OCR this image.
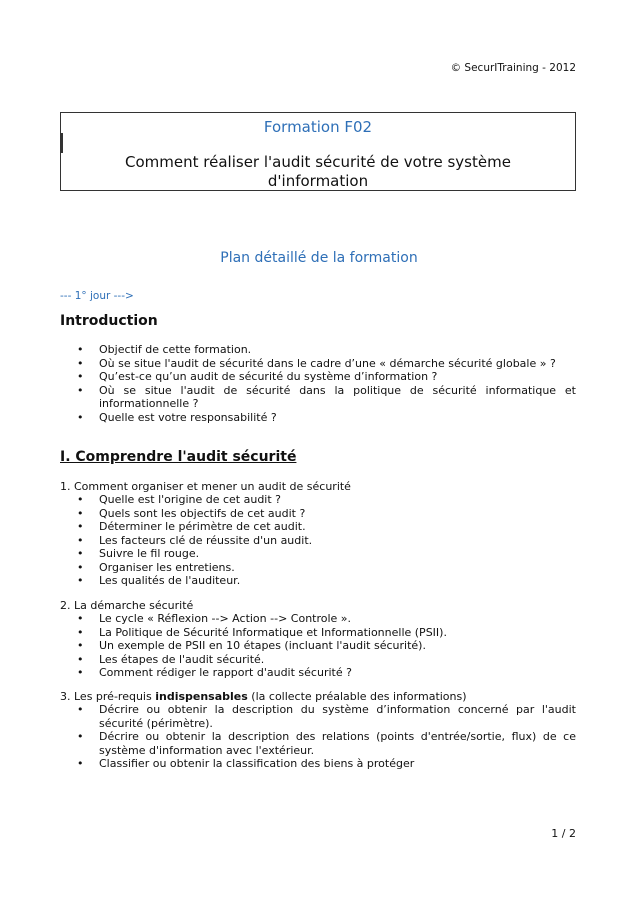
© SecurITraining - 2012
Formation F02
Comment réaliser l'audit sécurité de votre système d'information
Plan détaillé de la formation
--- 1° jour --->
Introduction
• Objectif de cette formation.
• Où se situe l'audit de sécurité dans le cadre d’une « démarche sécurité globale » ?
• Qu’est-ce qu’un audit de sécurité du système d’information ?
• Où se situe l'audit de sécurité dans la politique de sécurité informatique et informationnelle ?
• Quelle est votre responsabilité ?
I. Comprendre l'audit sécurité
1. Comment organiser et mener un audit de sécurité
• Quelle est l'origine de cet audit ?
• Quels sont les objectifs de cet audit ?
• Déterminer le périmètre de cet audit.
• Les facteurs clé de réussite d'un audit.
• Suivre le fil rouge.
• Organiser les entretiens.
• Les qualités de l'auditeur.
2. La démarche sécurité
• Le cycle « Réflexion --> Action --> Controle ».
• La Politique de Sécurité Informatique et Informationnelle (PSII).
• Un exemple de PSII en 10 étapes (incluant l'audit sécurité).
• Les étapes de l'audit sécurité.
• Comment rédiger le rapport d'audit sécurité ?
3. Les pré-requis indispensables (la collecte préalable des informations)
• Décrire ou obtenir la description du système d’information concerné par l'audit sécurité (périmètre).
• Décrire ou obtenir la description des relations (points d'entrée/sortie, flux) de ce système d'information avec l'extérieur.
• Classifier ou obtenir la classification des biens à protéger
1 / 2
